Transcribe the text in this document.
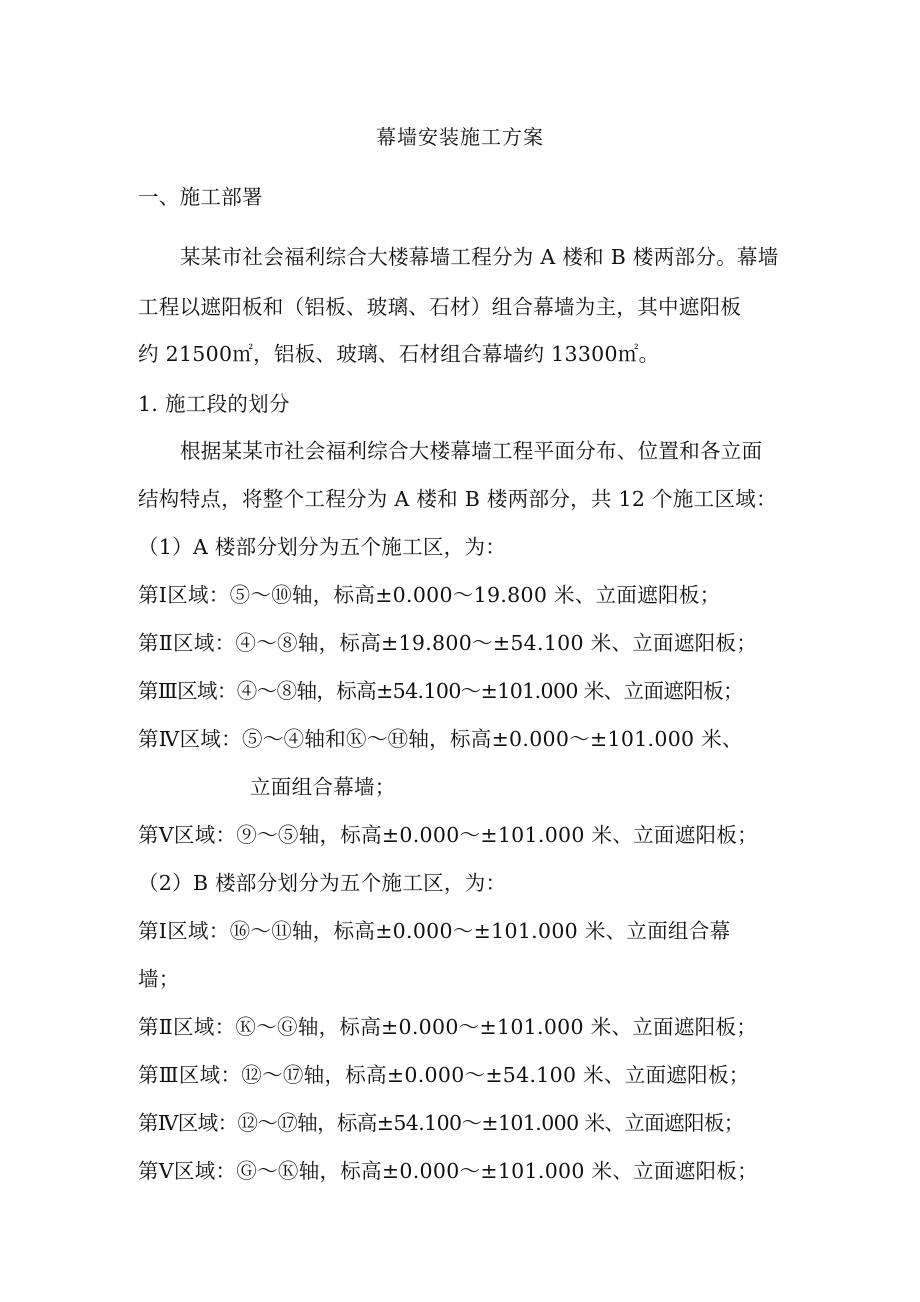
幕墙安装施工方案
一、施工部署
某某市社会福利综合大楼幕墙工程分为 A 楼和 B 楼两部分。幕墙
工程以遮阳板和（铝板、玻璃、石材）组合幕墙为主，其中遮阳板
约 21500㎡，铝板、玻璃、石材组合幕墙约 13300㎡。
1. 施工段的划分
根据某某市社会福利综合大楼幕墙工程平面分布、位置和各立面
结构特点，将整个工程分为 A 楼和 B 楼两部分，共 12 个施工区域：
（1）A 楼部分划分为五个施工区，为：
第Ⅰ区域：⑤～⑩轴，标高±0.000～19.800 米、立面遮阳板；
第Ⅱ区域：④～⑧轴，标高±19.800～±54.100 米、立面遮阳板；
第Ⅲ区域：④～⑧轴，标高±54.100～±101.000 米、立面遮阳板；
第Ⅳ区域：⑤～④轴和Ⓚ～Ⓗ轴，标高±0.000～±101.000 米、
立面组合幕墙；
第Ⅴ区域：⑨～⑤轴，标高±0.000～±101.000 米、立面遮阳板；
（2）B 楼部分划分为五个施工区，为：
第Ⅰ区域：⑯～⑪轴，标高±0.000～±101.000 米、立面组合幕
墙；
第Ⅱ区域：Ⓚ～Ⓖ轴，标高±0.000～±101.000 米、立面遮阳板；
第Ⅲ区域：⑫～⑰轴，标高±0.000～±54.100 米、立面遮阳板；
第Ⅳ区域：⑫～⑰轴，标高±54.100～±101.000 米、立面遮阳板；
第Ⅴ区域：Ⓖ～Ⓚ轴，标高±0.000～±101.000 米、立面遮阳板；
